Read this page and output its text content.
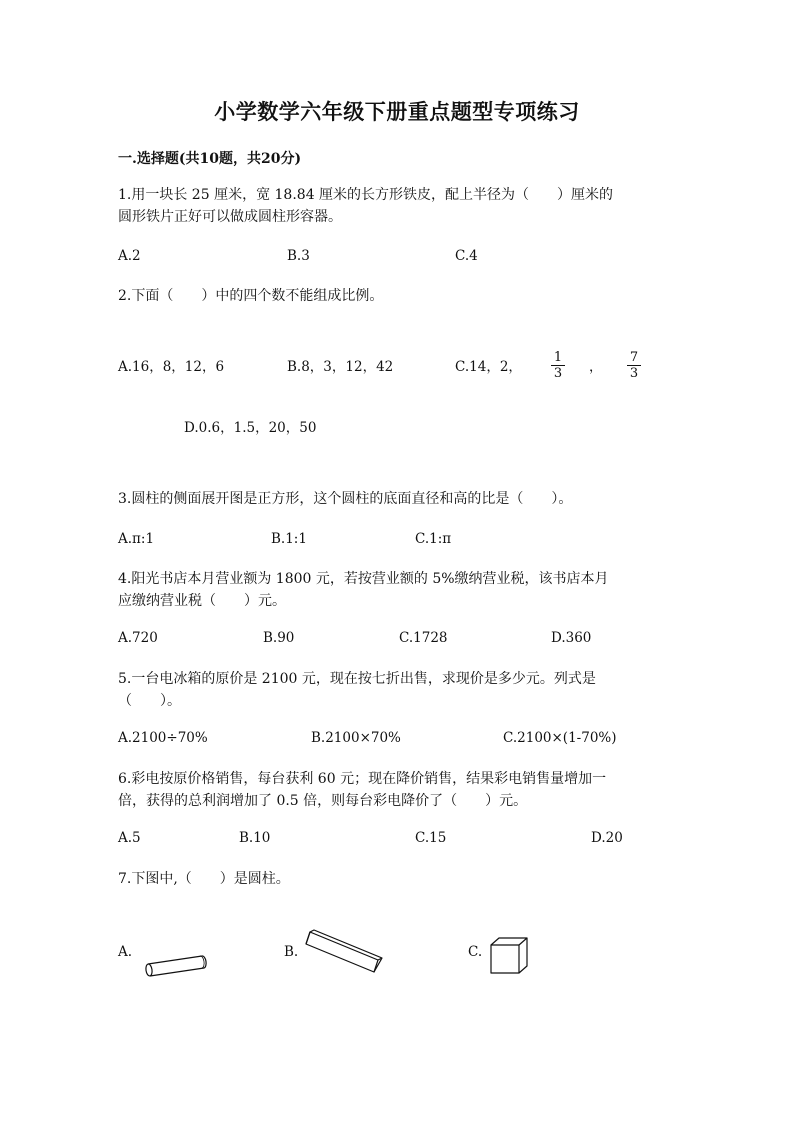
小学数学六年级下册重点题型专项练习
一.选择题(共10题，共20分)
1.用一块长 25 厘米，宽 18.84 厘米的长方形铁皮，配上半径为（　　）厘米的
圆形铁片正好可以做成圆柱形容器。
A.2	B.3	C.4
2.下面（　　）中的四个数不能组成比例。
A.16，8，12，6	B.8，3，12，42	C.14，2， $\frac{1}{3}$ ， $\frac{7}{3}$
D.0.6，1.5，20，50
3.圆柱的侧面展开图是正方形，这个圆柱的底面直径和高的比是（　　）。
A.π:1	B.1:1	C.1:π
4.阳光书店本月营业额为 1800 元，若按营业额的 5%缴纳营业税，该书店本月
应缴纳营业税（　　）元。
A.720	B.90	C.1728	D.360
5.一台电冰箱的原价是 2100 元，现在按七折出售，求现价是多少元。列式是
（　　）。
A.2100÷70%	B.2100×70%	C.2100×(1-70%)
6.彩电按原价格销售，每台获利 60 元；现在降价销售，结果彩电销售量增加一
倍，获得的总利润增加了 0.5 倍，则每台彩电降价了（　　）元。
A.5	B.10	C.15	D.20
7.下图中,（　　）是圆柱。
A.	B.	C.
